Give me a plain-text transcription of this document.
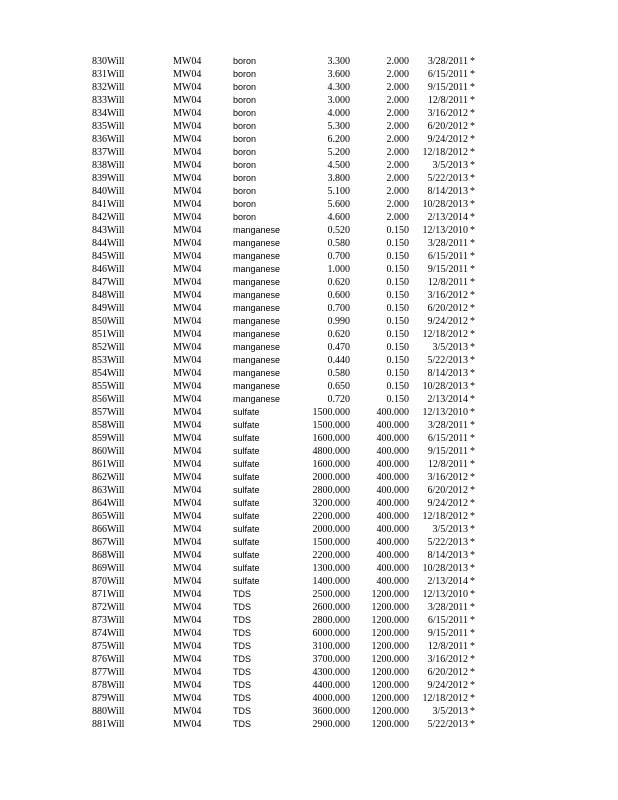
830Will	MW04	boron	3.300	2.000 3/28/2011 *
831Will	MW04	boron	3.600	2.000 6/15/2011 *
832Will	MW04	boron	4.300	2.000 9/15/2011 *
833Will	MW04	boron	3.000	2.000 12/8/2011 *
834Will	MW04	boron	4.000	2.000 3/16/2012 *
835Will	MW04	boron	5.300	2.000 6/20/2012 *
836Will	MW04	boron	6.200	2.000 9/24/2012 *
837Will	MW04	boron	5.200	2.000 12/18/2012 *
838Will	MW04	boron	4.500	2.000 3/5/2013 *
839Will	MW04	boron	3.800	2.000 5/22/2013 *
840Will	MW04	boron	5.100	2.000 8/14/2013 *
841Will	MW04	boron	5.600	2.000 10/28/2013 *
842Will	MW04	boron	4.600	2.000 2/13/2014 *
843Will	MW04	manganese	0.520	0.150 12/13/2010 *
844Will	MW04	manganese	0.580	0.150 3/28/2011 *
845Will	MW04	manganese	0.700	0.150 6/15/2011 *
846Will	MW04	manganese	1.000	0.150 9/15/2011 *
847Will	MW04	manganese	0.620	0.150 12/8/2011 *
848Will	MW04	manganese	0.600	0.150 3/16/2012 *
849Will	MW04	manganese	0.700	0.150 6/20/2012 *
850Will	MW04	manganese	0.990	0.150 9/24/2012 *
851Will	MW04	manganese	0.620	0.150 12/18/2012 *
852Will	MW04	manganese	0.470	0.150 3/5/2013 *
853Will	MW04	manganese	0.440	0.150 5/22/2013 *
854Will	MW04	manganese	0.580	0.150 8/14/2013 *
855Will	MW04	manganese	0.650	0.150 10/28/2013 *
856Will	MW04	manganese	0.720	0.150 2/13/2014 *
857Will	MW04	sulfate	1500.000	400.000 12/13/2010 *
858Will	MW04	sulfate	1500.000	400.000 3/28/2011 *
859Will	MW04	sulfate	1600.000	400.000 6/15/2011 *
860Will	MW04	sulfate	4800.000	400.000 9/15/2011 *
861Will	MW04	sulfate	1600.000	400.000 12/8/2011 *
862Will	MW04	sulfate	2000.000	400.000 3/16/2012 *
863Will	MW04	sulfate	2800.000	400.000 6/20/2012 *
864Will	MW04	sulfate	3200.000	400.000 9/24/2012 *
865Will	MW04	sulfate	2200.000	400.000 12/18/2012 *
866Will	MW04	sulfate	2000.000	400.000 3/5/2013 *
867Will	MW04	sulfate	1500.000	400.000 5/22/2013 *
868Will	MW04	sulfate	2200.000	400.000 8/14/2013 *
869Will	MW04	sulfate	1300.000	400.000 10/28/2013 *
870Will	MW04	sulfate	1400.000	400.000 2/13/2014 *
871Will	MW04	TDS	2500.000 1200.000 12/13/2010 *
872Will	MW04	TDS	2600.000 1200.000 3/28/2011 *
873Will	MW04	TDS	2800.000 1200.000 6/15/2011 *
874Will	MW04	TDS	6000.000 1200.000 9/15/2011 *
875Will	MW04	TDS	3100.000 1200.000 12/8/2011 *
876Will	MW04	TDS	3700.000 1200.000 3/16/2012 *
877Will	MW04	TDS	4300.000 1200.000 6/20/2012 *
878Will	MW04	TDS	4400.000 1200.000 9/24/2012 *
879Will	MW04	TDS	4000.000 1200.000 12/18/2012 *
880Will	MW04	TDS	3600.000 1200.000 3/5/2013 *
881Will	MW04	TDS	2900.000 1200.000 5/22/2013 *
